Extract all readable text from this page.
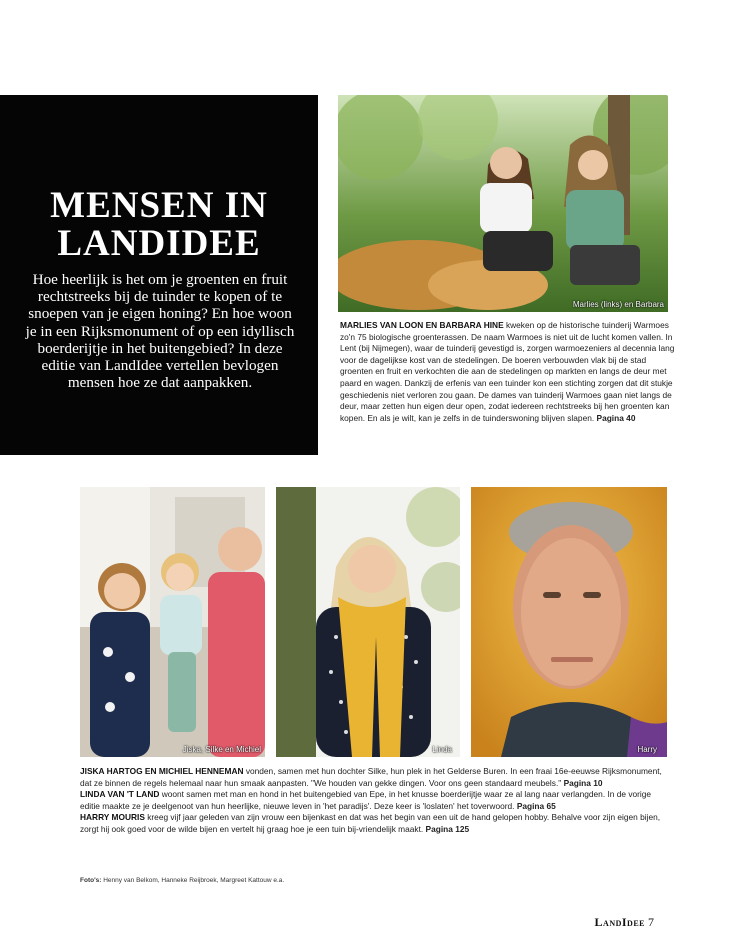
MENSEN IN
LANDIDEE

Hoe heerlijk is het om je groenten en fruit rechtstreeks bij de tuinder te kopen of te snoepen van je eigen honing? En hoe woon je in een Rijksmonument of op een idyllisch boerderijtje in het buitengebied? In deze editie van LandIdee vertellen bevlogen mensen hoe ze dat aanpakken.

Marlies (links) en Barbara

MARLIES VAN LOON EN BARBARA HINE kweken op de historische tuinderij Warmoes zo'n 75 biologische groenterassen. De naam Warmoes is niet uit de lucht komen vallen. In Lent (bij Nijmegen), waar de tuinderij gevestigd is, zorgen warmoezeniers al decennia lang voor de dagelijkse kost van de stedelingen. De boeren verbouwden vlak bij de stad groenten en fruit en verkochten die aan de stedelingen op markten en langs de deur met paard en wagen. Dankzij de erfenis van een tuinder kon een stichting zorgen dat dit stukje geschiedenis niet verloren zou gaan. De dames van tuinderij Warmoes gaan niet langs de deur, maar zetten hun eigen deur open, zodat iedereen rechtstreeks bij hen groenten kan kopen. En als je wilt, kan je zelfs in de tuinderswoning blijven slapen. Pagina 40

Jiska, Silke en Michiel	Linda	Harry
JISKA HARTOG EN MICHIEL HENNEMAN vonden, samen met hun dochter Silke, hun plek in het Gelderse Buren. In een fraai 16e-eeuwse Rijksmonument, dat ze binnen de regels helemaal naar hun smaak aanpasten. "We houden van gekke dingen. Voor ons geen standaard meubels." Pagina 10
LINDA VAN 'T LAND woont samen met man en hond in het buitengebied van Epe, in het knusse boerderijtje waar ze al lang naar verlangden. In de vorige editie maakte ze je deelgenoot van hun heerlijke, nieuwe leven in 'het paradijs'. Deze keer is 'loslaten' het toverwoord. Pagina 65
HARRY MOURIS kreeg vijf jaar geleden van zijn vrouw een bijenkast en dat was het begin van een uit de hand gelopen hobby. Behalve voor zijn eigen bijen, zorgt hij ook goed voor de wilde bijen en vertelt hij graag hoe je een tuin bij-vriendelijk maakt. Pagina 125
Foto's: Henny van Belkom, Hanneke Reijbroek, Margreet Kattouw e.a.
LandIdee 7
